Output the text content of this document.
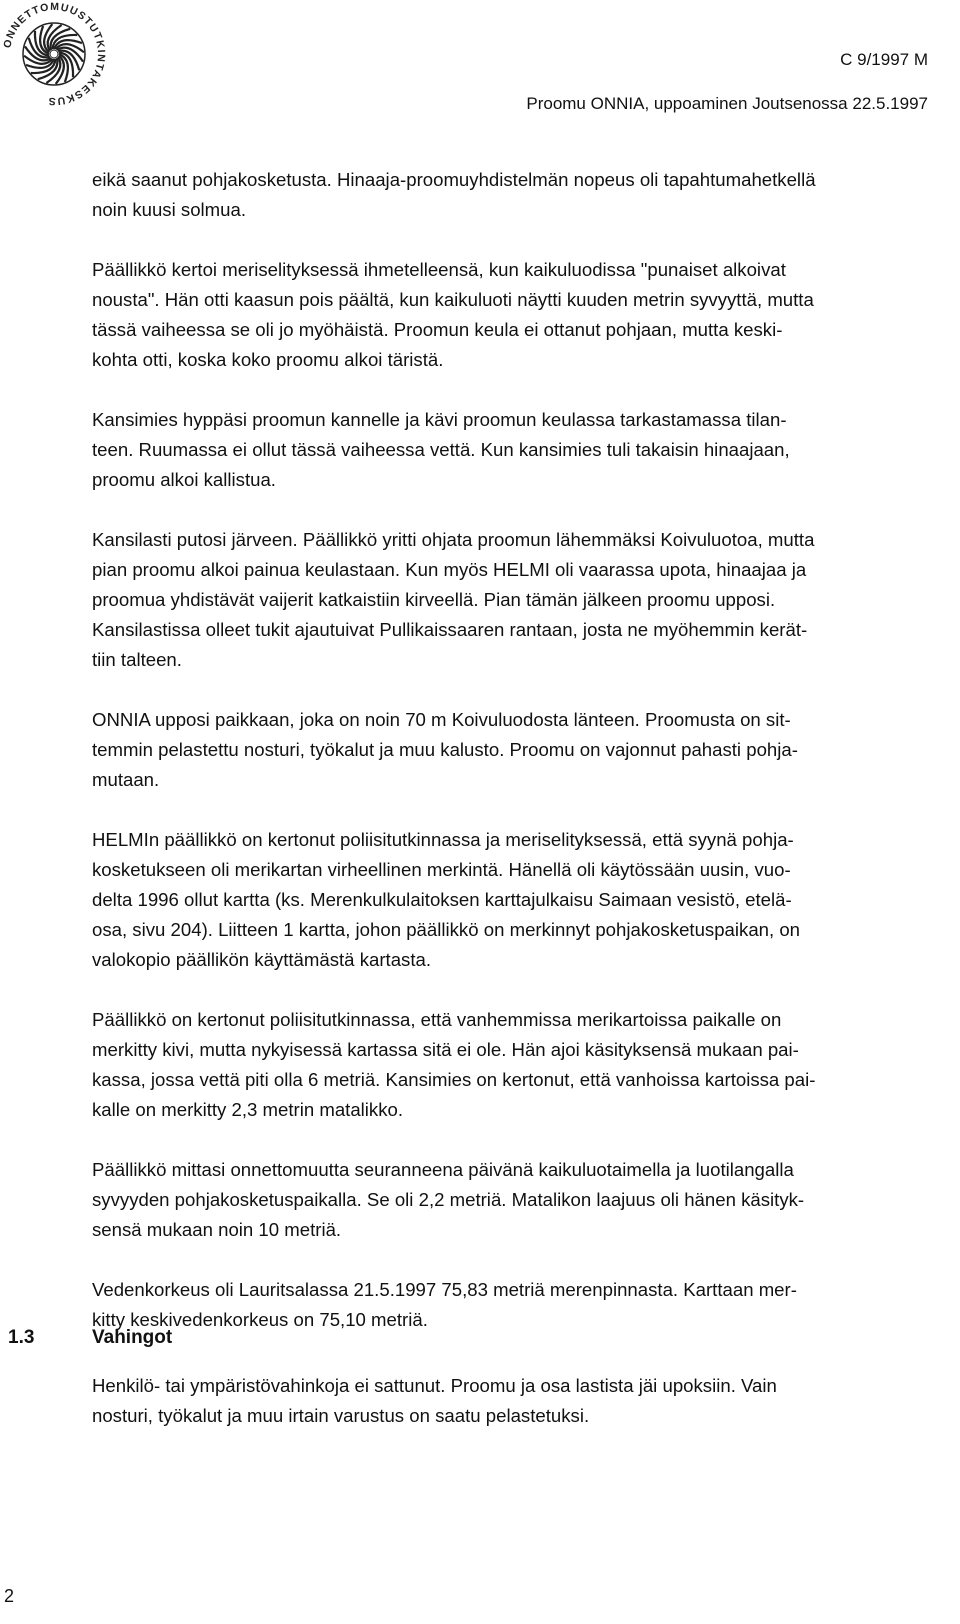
ONNETTOMUUSTUTKINTAKESKUS
C 9/1997 M
Proomu ONNIA, uppoaminen Joutsenossa 22.5.1997

eikä saanut pohjakosketusta. Hinaaja-proomuyhdistelmän nopeus oli tapahtumahetkellä
noin kuusi solmua.

Päällikkö kertoi meriselityksessä ihmetelleensä, kun kaikuluodissa "punaiset alkoivat
nousta". Hän otti kaasun pois päältä, kun kaikuluoti näytti kuuden metrin syvyyttä, mutta
tässä vaiheessa se oli jo myöhäistä. Proomun keula ei ottanut pohjaan, mutta keski-
kohta otti, koska koko proomu alkoi täristä.

Kansimies hyppäsi proomun kannelle ja kävi proomun keulassa tarkastamassa tilan-
teen. Ruumassa ei ollut tässä vaiheessa vettä. Kun kansimies tuli takaisin hinaajaan,
proomu alkoi kallistua.

Kansilasti putosi järveen. Päällikkö yritti ohjata proomun lähemmäksi Koivuluotoa, mutta
pian proomu alkoi painua keulastaan. Kun myös HELMI oli vaarassa upota, hinaajaa ja
proomua yhdistävät vaijerit katkaistiin kirveellä. Pian tämän jälkeen proomu upposi.
Kansilastissa olleet tukit ajautuivat Pullikaissaaren rantaan, josta ne myöhemmin kerät-
tiin talteen.

ONNIA upposi paikkaan, joka on noin 70 m Koivuluodosta länteen. Proomusta on sit-
temmin pelastettu nosturi, työkalut ja muu kalusto. Proomu on vajonnut pahasti pohja-
mutaan.

HELMIn päällikkö on kertonut poliisitutkinnassa ja meriselityksessä, että syynä pohja-
kosketukseen oli merikartan virheellinen merkintä. Hänellä oli käytössään uusin, vuo-
delta 1996 ollut kartta (ks. Merenkulkulaitoksen karttajulkaisu Saimaan vesistö, etelä-
osa, sivu 204). Liitteen 1 kartta, johon päällikkö on merkinnyt pohjakosketuspaikan, on
valokopio päällikön käyttämästä kartasta.

Päällikkö on kertonut poliisitutkinnassa, että vanhemmissa merikartoissa paikalle on
merkitty kivi, mutta nykyisessä kartassa sitä ei ole. Hän ajoi käsityksensä mukaan pai-
kassa, jossa vettä piti olla 6 metriä. Kansimies on kertonut, että vanhoissa kartoissa pai-
kalle on merkitty 2,3 metrin matalikko.

Päällikkö mittasi onnettomuutta seuranneena päivänä kaikuluotaimella ja luotilangalla
syvyyden pohjakosketuspaikalla. Se oli 2,2 metriä. Matalikon laajuus oli hänen käsityk-
sensä mukaan noin 10 metriä.

Vedenkorkeus oli Lauritsalassa 21.5.1997 75,83 metriä merenpinnasta. Karttaan mer-
kitty keskivedenkorkeus on 75,10 metriä.

1.3	Vahingot

Henkilö- tai ympäristövahinkoja ei sattunut. Proomu ja osa lastista jäi upoksiin. Vain
nosturi, työkalut ja muu irtain varustus on saatu pelastetuksi.

2
